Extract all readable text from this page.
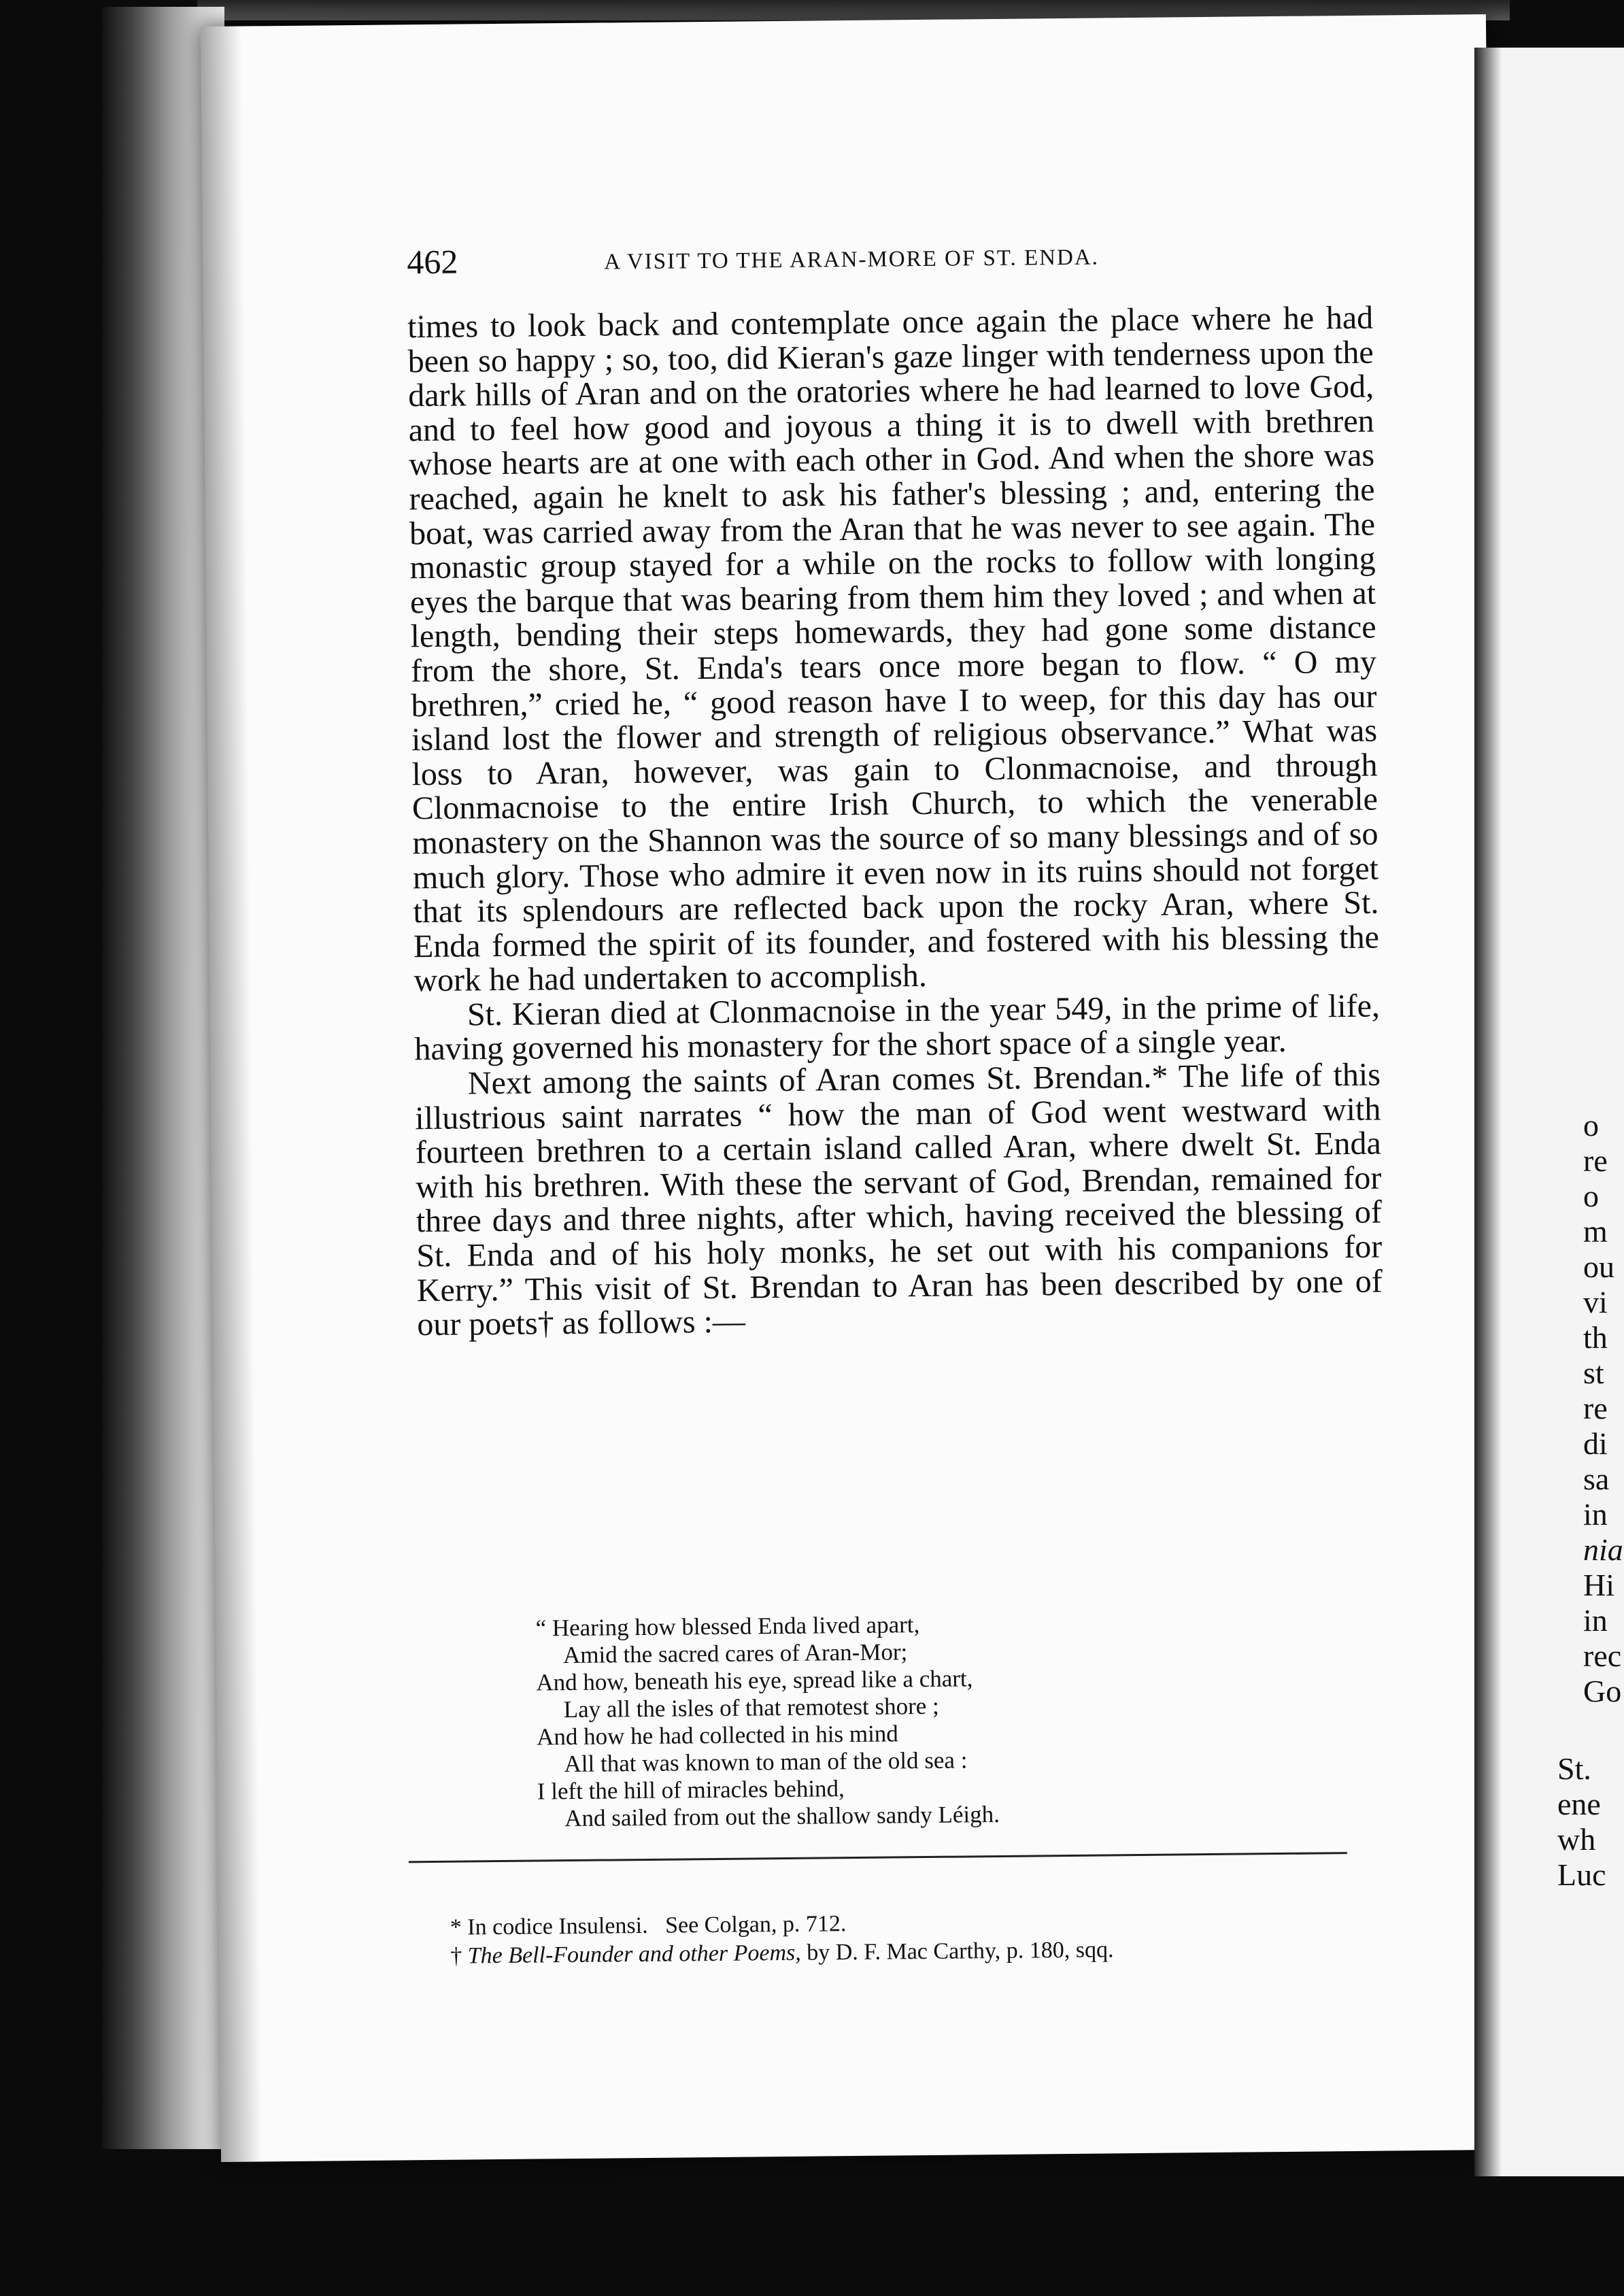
462	A VISIT TO THE ARAN-MORE OF ST. ENDA.

times to look back and contemplate once again the place where he had been so happy ; so, too, did Kieran's gaze linger with tenderness upon the dark hills of Aran and on the oratories where he had learned to love God, and to feel how good and joyous a thing it is to dwell with brethren whose hearts are at one with each other in God. And when the shore was reached, again he knelt to ask his father's blessing ; and, entering the boat, was carried away from the Aran that he was never to see again. The monastic group stayed for a while on the rocks to follow with longing eyes the barque that was bearing from them him they loved ; and when at length, bending their steps homewards, they had gone some distance from the shore, St. Enda's tears once more began to flow. “ O my brethren,” cried he, “ good reason have I to weep, for this day has our island lost the flower and strength of religious observance.” What was loss to Aran, however, was gain to Clonmacnoise, and through Clonmacnoise to the entire Irish Church, to which the venerable monastery on the Shannon was the source of so many blessings and of so much glory. Those who admire it even now in its ruins should not forget that its splendours are reflected back upon the rocky Aran, where St. Enda formed the spirit of its founder, and fostered with his blessing the work he had undertaken to accomplish.

St. Kieran died at Clonmacnoise in the year 549, in the prime of life, having governed his monastery for the short space of a single year.

Next among the saints of Aran comes St. Brendan.* The life of this illustrious saint narrates “ how the man of God went westward with fourteen brethren to a certain island called Aran, where dwelt St. Enda with his brethren. With these the servant of God, Brendan, remained for three days and three nights, after which, having received the blessing of St. Enda and of his holy monks, he set out with his companions for Kerry.” This visit of St. Brendan to Aran has been described by one of our poets† as follows :—

“ Hearing how blessed Enda lived apart,
Amid the sacred cares of Aran-Mor;
And how, beneath his eye, spread like a chart,
Lay all the isles of that remotest shore ;
And how he had collected in his mind
All that was known to man of the old sea :
I left the hill of miracles behind,
And sailed from out the shallow sandy Léigh.
* In codice Insulensi.   See Colgan, p. 712.
† The Bell-Founder and other Poems, by D. F. Mac Carthy, p. 180, sqq.
o
re
o
m
ou
vi
th
st
re
di
sa
in
nia
Hi
in
rec
Go
St.
ene
wh
Luc
